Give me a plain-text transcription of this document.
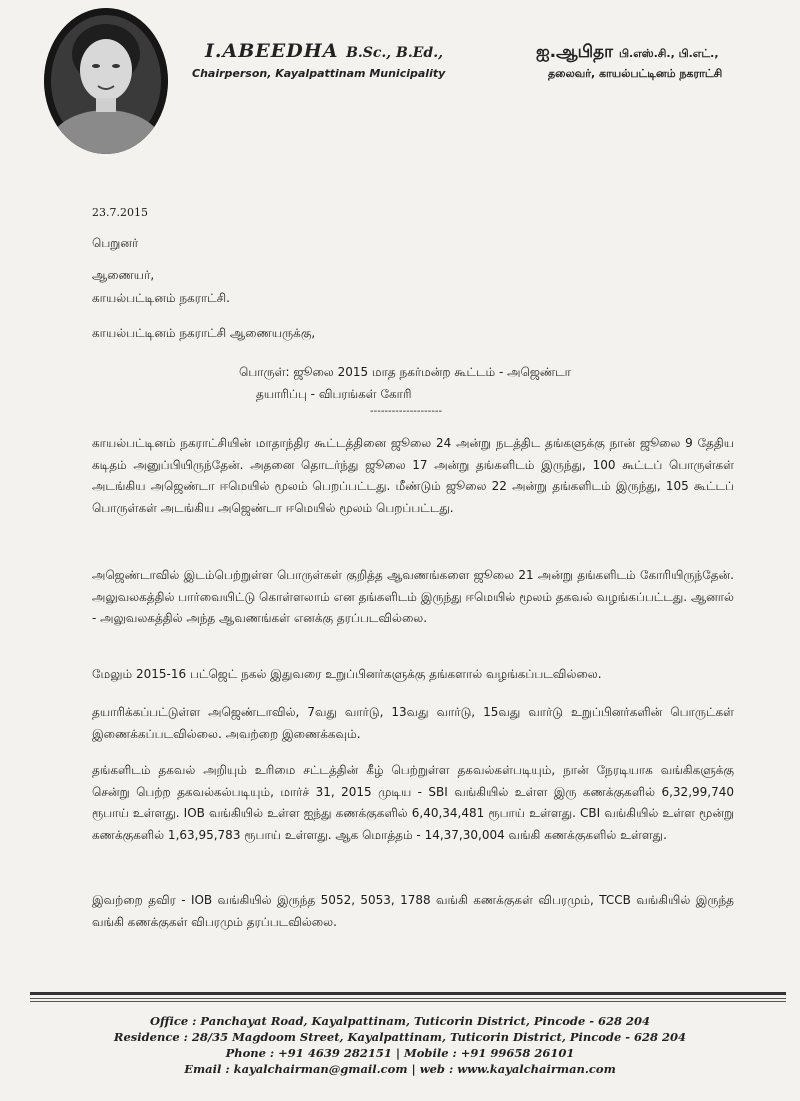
I.ABEEDHA B.Sc., B.Ed.,
Chairperson, Kayalpattinam Municipality
ஐ.ஆபிதா பி.எஸ்.சி., பி.எட்.,
தலைவர், காயல்பட்டினம் நகராட்சி
23.7.2015
பெறுனர்
ஆணையர்,
காயல்பட்டினம் நகராட்சி.
காயல்பட்டினம் நகராட்சி ஆணையருக்கு,
பொருள்: ஜூலை 2015 மாத நகர்மன்ற கூட்டம் - அஜெண்டா
தயாரிப்பு - விபரங்கள் கோரி
--------------------
காயல்பட்டினம் நகராட்சியின் மாதாந்திர கூட்டத்தினை ஜூலை 24 அன்று நடத்திட தங்களுக்கு நான் ஜூலை 9 தேதிய கடிதம் அனுப்பியிருந்தேன். அதனை தொடர்ந்து ஜூலை 17 அன்று தங்களிடம் இருந்து, 100 கூட்டப் பொருள்கள் அடங்கிய அஜெண்டா ஈமெயில் மூலம் பெறப்பட்டது. மீண்டும் ஜூலை 22 அன்று தங்களிடம் இருந்து, 105 கூட்டப் பொருள்கள் அடங்கிய அஜெண்டா ஈமெயில் மூலம் பெறப்பட்டது.
அஜெண்டாவில் இடம்பெற்றுள்ள பொருள்கள் குறித்த ஆவணங்களை ஜூலை 21 அன்று தங்களிடம் கோரியிருந்தேன். அலுவலகத்தில் பார்வையிட்டு கொள்ளலாம் என தங்களிடம் இருந்து ஈமெயில் மூலம் தகவல் வழங்கப்பட்டது. ஆனால் - அலுவலகத்தில் அந்த ஆவணங்கள் எனக்கு தரப்படவில்லை.
மேலும் 2015-16 பட்ஜெட் நகல் இதுவரை உறுப்பினர்களுக்கு தங்களால் வழங்கப்படவில்லை.
தயாரிக்கப்பட்டுள்ள அஜெண்டாவில், 7வது வார்டு, 13வது வார்டு, 15வது வார்டு உறுப்பினர்களின் பொருட்கள் இணைக்கப்படவில்லை. அவற்றை இணைக்கவும்.
தங்களிடம் தகவல் அறியும் உரிமை சட்டத்தின் கீழ் பெற்றுள்ள தகவல்கள்படியும், நான் நேரடியாக வங்கிகளுக்கு சென்று பெற்ற தகவல்கல்படியும், மார்ச் 31, 2015 முடிய - SBI வங்கியில் உள்ள இரு கணக்குகளில் 6,32,99,740 ரூபாய் உள்ளது. IOB வங்கியில் உள்ள ஐந்து கணக்குகளில் 6,40,34,481 ரூபாய் உள்ளது. CBI வங்கியில் உள்ள மூன்று கணக்குகளில் 1,63,95,783 ரூபாய் உள்ளது. ஆக மொத்தம் - 14,37,30,004 வங்கி கணக்குகளில் உள்ளது.
இவற்றை தவிர - IOB வங்கியில் இருந்த 5052, 5053, 1788 வங்கி கணக்குகள் விபரமும், TCCB வங்கியில் இருந்த வங்கி கணக்குகள் விபரமும் தரப்படவில்லை.
Office : Panchayat Road, Kayalpattinam, Tuticorin District, Pincode - 628 204
Residence : 28/35 Magdoom Street, Kayalpattinam, Tuticorin District, Pincode - 628 204
Phone : +91 4639 282151 | Mobile : +91 99658 26101
Email : kayalchairman@gmail.com | web : www.kayalchairman.com
